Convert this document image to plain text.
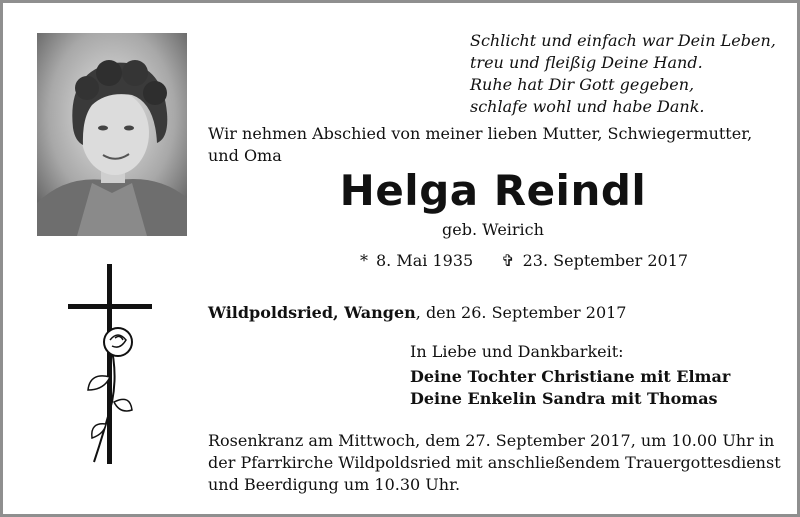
Schlicht und einfach war Dein Leben,
treu und fleißig Deine Hand.
Ruhe hat Dir Gott gegeben,
schlafe wohl und habe Dank.
Wir nehmen Abschied von meiner lieben Mutter, Schwiegermutter, und Oma
Helga Reindl
geb. Weirich
* 8. Mai 1935 ✞ 23. September 2017
Wildpoldsried, Wangen, den 26. September 2017
In Liebe und Dankbarkeit:
Deine Tochter Christiane mit Elmar
Deine Enkelin Sandra mit Thomas
Rosenkranz am Mittwoch, dem 27. September 2017, um 10.00 Uhr in
der Pfarrkirche Wildpoldsried mit anschließendem Trauergottesdienst
und Beerdigung um 10.30 Uhr.
